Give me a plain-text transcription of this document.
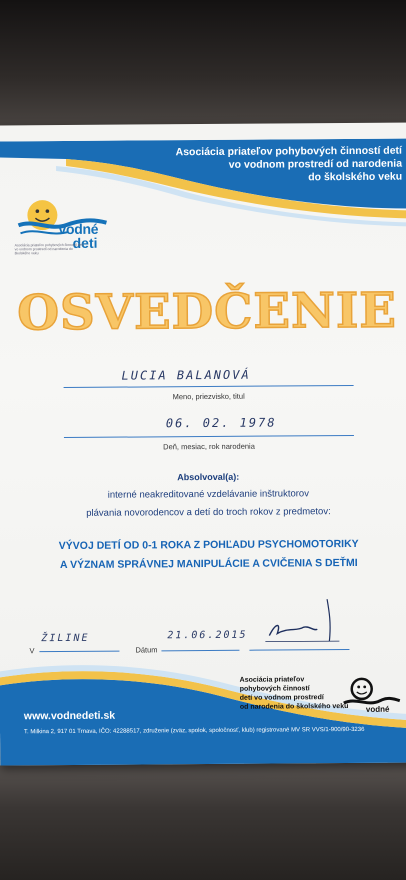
Asociácia priateľov pohybových činností detí
vo vodnom prostredí od narodenia
do školského veku
vodné
deti
Asociácia priateľov pohybových činností detí vo vodnom prostredí od narodenia do školského veku
OSVEDČENIE
LUCIA BALANOVÁ
Meno, priezvisko, titul
06. 02. 1978
Deň, mesiac, rok narodenia
Absolvoval(a):
interné neakreditované vzdelávanie inštruktorov
plávania novorodencov a detí do troch rokov z predmetov:
VÝVOJ DETÍ OD 0-1 ROKA Z POHĽADU PSYCHOMOTORIKY
A VÝZNAM SPRÁVNEJ MANIPULÁCIE A CVIČENIA S DEŤMI
V
ŽILINE
Dátum
21.06.2015
www.vodnedeti.sk
T. Milkina 2, 917 01 Trnava, IČO: 42288517, združenie (zväz, spolok, spoločnosť, klub) registrované MV SR VVS/1-900/90-3236
Asociácia priateľov
pohybových činností
detí vo vodnom prostredí
od narodenia do školského veku	vodné
